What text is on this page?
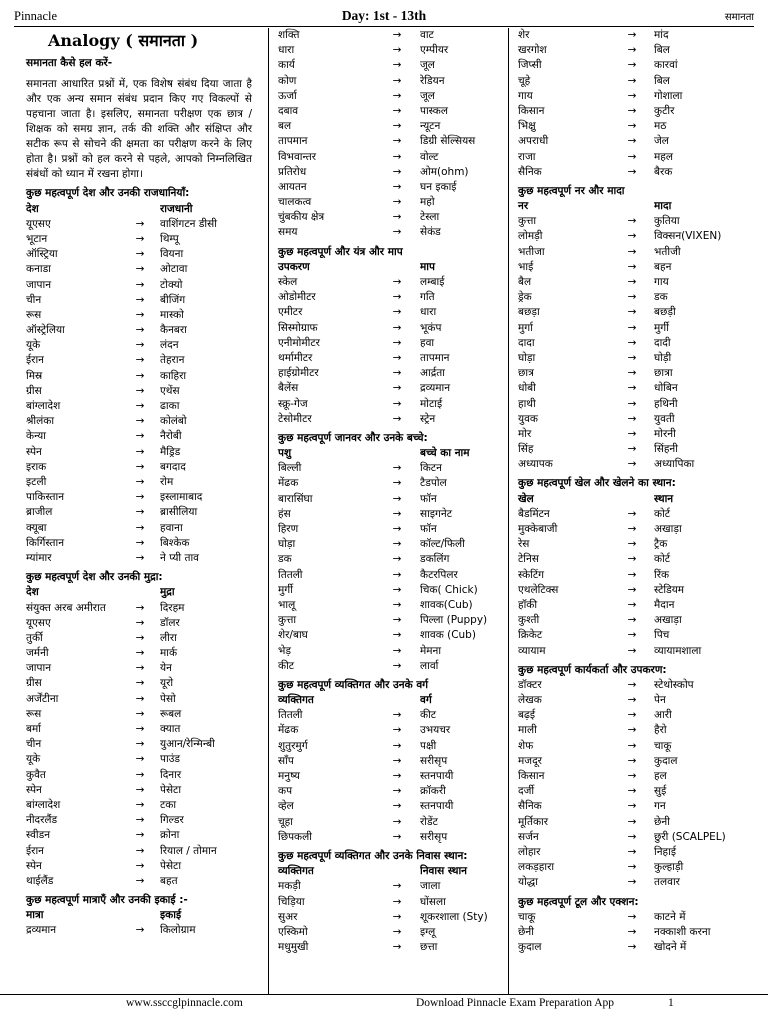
Pinnacle	Day: 1st - 13th	समानता
Analogy ( समानता )
समानता कैसे हल करें-
समानता आधारित प्रश्नों में, एक विशेष संबंध दिया जाता है और एक अन्य समान संबंध प्रदान किए गए विकल्पों से पहचाना जाता है। इसलिए, समानता परीक्षण एक छात्र / शिक्षक को समग्र ज्ञान, तर्क की शक्ति और संक्षिप्त और सटीक रूप से सोचने की क्षमता का परीक्षण करने के लिए होता है। प्रश्नों को हल करने से पहले, आपको निम्नलिखित संबंधों को ध्यान में रखना होगा।
कुछ महत्वपूर्ण देश और उनकी राजधानियाँ:
देश	राजधानी
यूएसए	→	वाशिंगटन डीसी
भूटान	→	थिम्पू
ऑस्ट्रिया	→	वियना
कनाडा	→	ओटावा
जापान	→	टोक्यो
चीन	→	बीजिंग
रूस	→	मास्को
ऑस्ट्रेलिया	→	कैनबरा
यूके	→	लंदन
ईरान	→	तेहरान
मिस्र	→	काहिरा
ग्रीस	→	एथेंस
बांग्लादेश	→	ढाका
श्रीलंका	→	कोलंबो
केन्या	→	नैरोबी
स्पेन	→	मैड्रिड
इराक	→	बगदाद
इटली	→	रोम
पाकिस्तान	→	इस्लामाबाद
ब्राजील	→	ब्रासीलिया
क्यूबा	→	हवाना
किर्गिस्तान	→	बिश्केक
म्यांमार	→	ने प्यी ताव
कुछ महत्वपूर्ण देश और उनकी मुद्रा:
देश	मुद्रा
संयुक्त अरब अमीरात	→	दिरहम
यूएसए	→	डॉलर
तुर्की	→	लीरा
जर्मनी	→	मार्क
जापान	→	येन
ग्रीस	→	यूरो
अर्जेंटीना	→	पेसो
रूस	→	रूबल
बर्मा	→	क्यात
चीन	→	युआन/रेन्मिन्बी
यूके	→	पाउंड
कुवैत	→	दिनार
स्पेन	→	पेसेटा
बांग्लादेश	→	टका
नीदरलैंड	→	गिल्डर
स्वीडन	→	क्रोना
ईरान	→	रियाल / तोमान
स्पेन	→	पेसेटा
थाईलैंड	→	बहत
कुछ महत्वपूर्ण मात्राएँ और उनकी इकाई :-
मात्रा	इकाई
द्रव्यमान	→	किलोग्राम
शक्ति	→	वाट
धारा	→	एम्पीयर
कार्य	→	जूल
कोण	→	रेडियन
ऊर्जा	→	जूल
दबाव	→	पास्कल
बल	→	न्यूटन
तापमान	→	डिग्री सेल्सियस
विभवान्तर	→	वोल्ट
प्रतिरोध	→	ओम(ohm)
आयतन	→	घन इकाई
चालकत्व	→	महो
चुंबकीय क्षेत्र	→	टेस्ला
समय	→	सेकंड
कुछ महत्वपूर्ण और यंत्र और माप
उपकरण	माप
स्केल	→	लम्बाई
ओडोमीटर	→	गति
एमीटर	→	धारा
सिस्मोग्राफ	→	भूकंप
एनीमोमीटर	→	हवा
थर्मामीटर	→	तापमान
हाईग्रोमीटर	→	आर्द्रता
बैलेंस	→	द्रव्यमान
स्क्रू-गेज	→	मोटाई
टेसोमीटर	→	स्ट्रेन
कुछ महत्वपूर्ण जानवर और उनके बच्चे:
पशु	बच्चे का नाम
बिल्ली	→	किटन
मेंढक	→	टैडपोल
बारासिंघा	→	फॉन
हंस	→	साइगनेट
हिरण	→	फॉन
घोड़ा	→	कॉल्ट/फिली
डक	→	डकलिंग
तितली	→	कैटरपिलर
मुर्गी	→	चिक( Chick)
भालू	→	शावक(Cub)
कुत्ता	→	पिल्ला (Puppy)
शेर/बाघ	→	शावक (Cub)
भेड़	→	मेमना
कीट	→	लार्वा
कुछ महत्वपूर्ण व्यक्तिगत और उनके वर्ग
व्यक्तिगत	वर्ग
तितली	→	कीट
मेंढक	→	उभयचर
शुतुरमुर्ग	→	पक्षी
साँप	→	सरीसृप
मनुष्य	→	स्तनपायी
कप	→	क्रॉकरी
व्हेल	→	स्तनपायी
चूहा	→	रोडेंट
छिपकली	→	सरीसृप
कुछ महत्वपूर्ण व्यक्तिगत और उनके निवास स्थान:
व्यक्तिगत	निवास स्थान
मकड़ी	→	जाला
चिड़िया	→	घोंसला
सुअर	→	शूकरशाला (Sty)
एस्किमो	→	इग्लू
मधुमुखी	→	छत्ता
शेर	→	मांद
खरगोश	→	बिल
जिप्सी	→	कारवां
चूहे	→	बिल
गाय	→	गोशाला
किसान	→	कुटीर
भिक्षु	→	मठ
अपराधी	→	जेल
राजा	→	महल
सैनिक	→	बैरक
कुछ महत्वपूर्ण नर और मादा
नर	मादा
कुत्ता	→	कुतिया
लोमड़ी	→	विक्सन(VIXEN)
भतीजा	→	भतीजी
भाई	→	बहन
बैल	→	गाय
ड्रेक	→	डक
बछड़ा	→	बछड़ी
मुर्गा	→	मुर्गी
दादा	→	दादी
घोड़ा	→	घोड़ी
छात्र	→	छात्रा
धोबी	→	धोबिन
हाथी	→	हथिनी
युवक	→	युवती
मोर	→	मोरनी
सिंह	→	सिंहनी
अध्यापक	→	अध्यापिका
कुछ महत्वपूर्ण खेल और खेलने का स्थान:
खेल	स्थान
बैडमिंटन	→	कोर्ट
मुक्केबाजी	→	अखाड़ा
रेस	→	ट्रैक
टेनिस	→	कोर्ट
स्केटिंग	→	रिंक
एथलेटिक्स	→	स्टेडियम
हॉकी	→	मैदान
कुश्ती	→	अखाड़ा
क्रिकेट	→	पिच
व्यायाम	→	व्यायामशाला
कुछ महत्वपूर्ण कार्यकर्ता और उपकरण:
डॉक्टर	→	स्टेथोस्कोप
लेखक	→	पेन
बढ़ई	→	आरी
माली	→	हैरो
शेफ	→	चाकू
मजदूर	→	कुदाल
किसान	→	हल
दर्जी	→	सुई
सैनिक	→	गन
मूर्तिकार	→	छेनी
सर्जन	→	छुरी (SCALPEL)
लोहार	→	निहाई
लकड़हारा	→	कुल्हाड़ी
योद्धा	→	तलवार
कुछ महत्वपूर्ण टूल और एक्शन:
चाकू	→	काटने में
छेनी	→	नक्काशी करना
कुदाल	→	खोदने में
www.ssccglpinnacle.com	Download Pinnacle Exam Preparation App	1
